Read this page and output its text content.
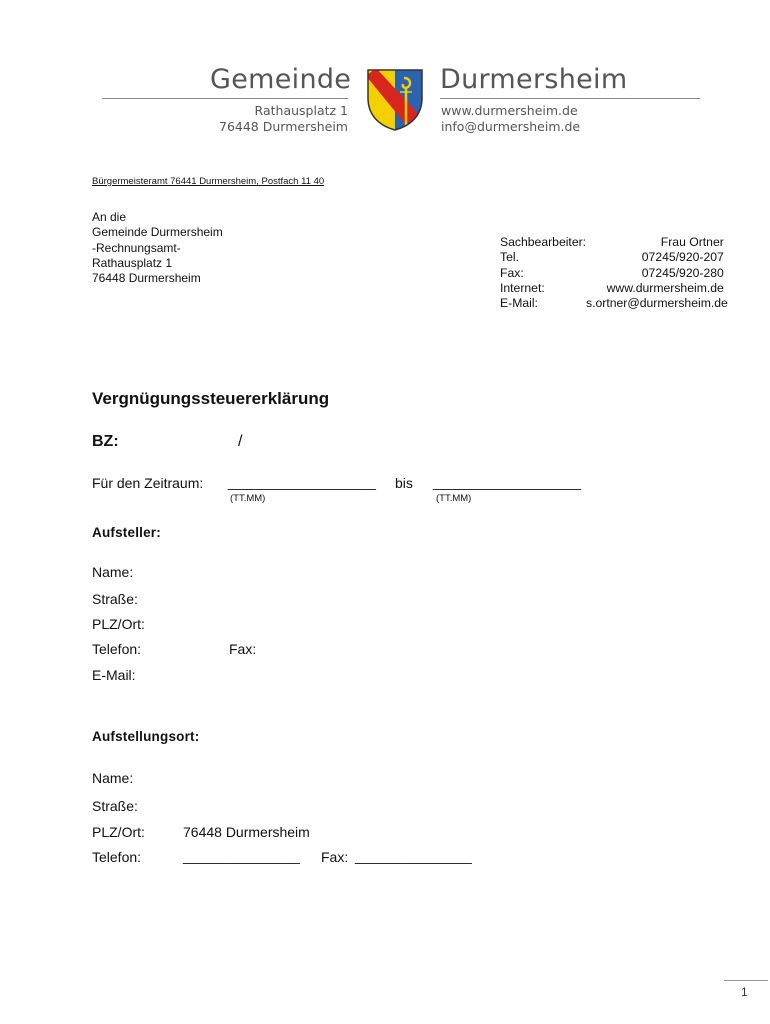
Gemeinde	Durmersheim
Rathausplatz 1
76448 Durmersheim
www.durmersheim.de
info@durmersheim.de
Bürgermeisteramt 76441 Durmersheim, Postfach 11 40
An die
Gemeinde Durmersheim
-Rechnungsamt-
Rathausplatz 1
76448 Durmersheim
Sachbearbeiter:	Frau Ortner
Tel.	07245/920-207
Fax:	07245/920-280
Internet:	www.durmersheim.de
E-Mail:	s.ortner@durmersheim.de
Vergnügungssteuererklärung
BZ:	/
Für den Zeitraum: ___________________ bis ___________________
(TT.MM)	(TT.MM)
Aufsteller:
Name:
Straße:
PLZ/Ort:
Telefon:	Fax:
E-Mail:
Aufstellungsort:
Name:
Straße:
PLZ/Ort:	76448 Durmersheim
Telefon:	_______________ Fax: _______________
1
